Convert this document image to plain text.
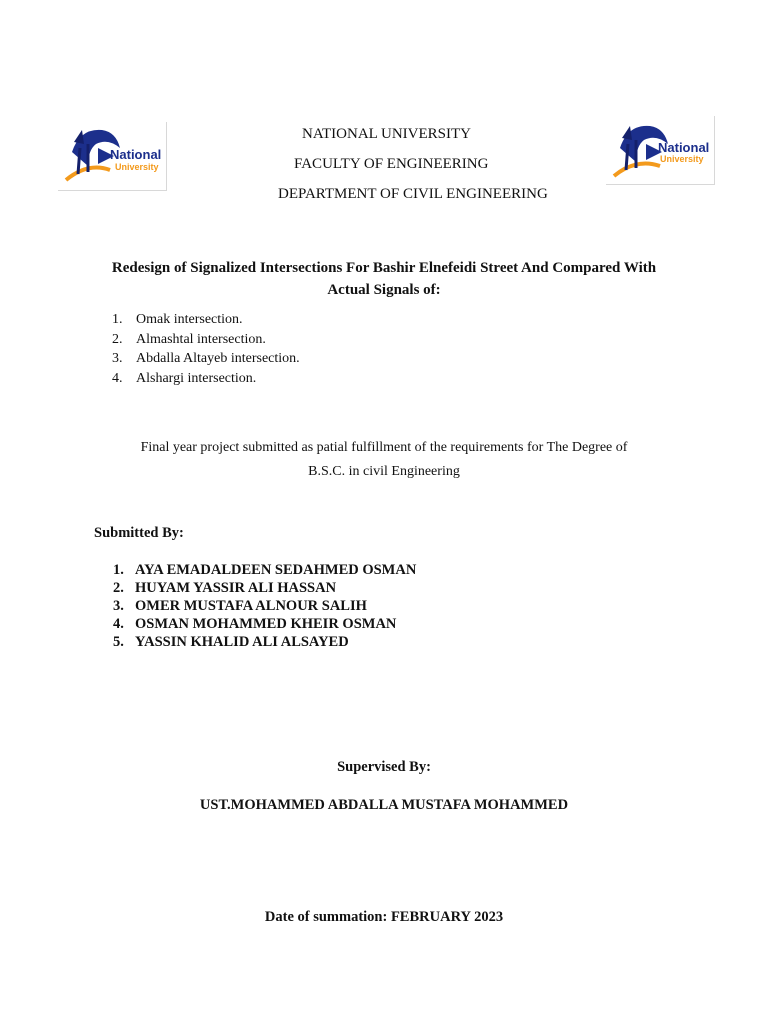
National
University
National
University
NATIONAL UNIVERSITY
FACULTY OF ENGINEERING
DEPARTMENT OF CIVIL ENGINEERING
Redesign of Signalized Intersections For Bashir Elnefeidi Street And Compared With
Actual Signals of:
1. Omak intersection.
2. Almashtal intersection.
3. Abdalla Altayeb intersection.
4. Alshargi intersection.
Final year project submitted as patial fulfillment of the requirements for The Degree of
B.S.C. in civil Engineering
Submitted By:
1. AYA EMADALDEEN SEDAHMED OSMAN
2. HUYAM YASSIR ALI HASSAN
3. OMER MUSTAFA ALNOUR SALIH
4. OSMAN MOHAMMED KHEIR OSMAN
5. YASSIN KHALID ALI ALSAYED
Supervised By:
UST.MOHAMMED ABDALLA MUSTAFA MOHAMMED
Date of summation: FEBRUARY 2023
